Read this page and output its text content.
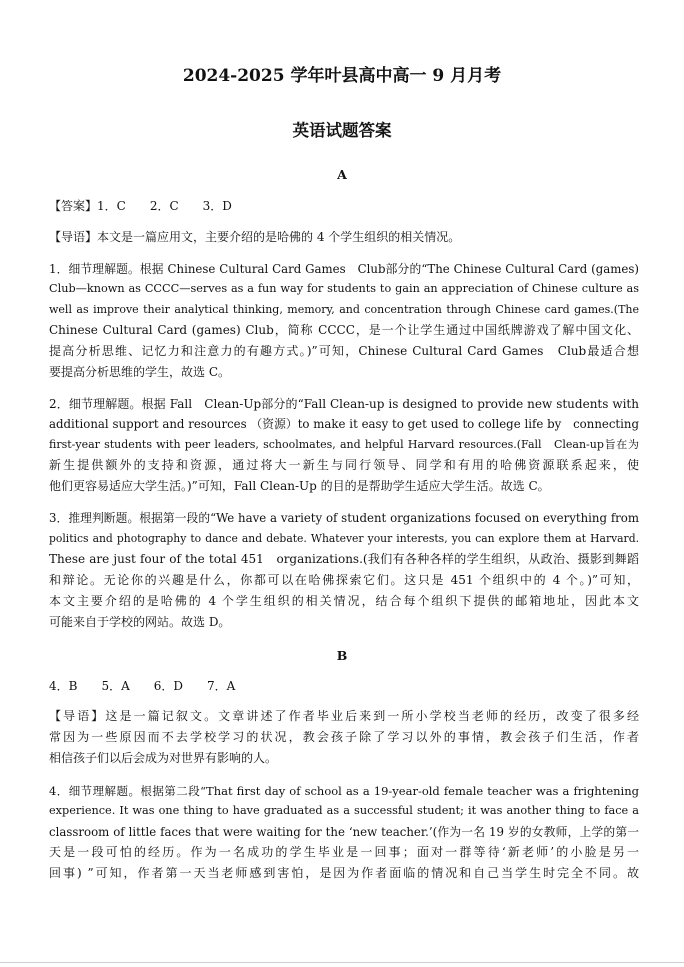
2024-2025 学年叶县高中高一 9 月月考
英语试题答案
A
【答案】1．C　　2．C　　3．D
【导语】本文是一篇应用文，主要介绍的是哈佛的 4 个学生组织的相关情况。
1．细节理解题。根据 Chinese Cultural Card Games　Club部分的“The Chinese Cultural Card (games)
Club—known as CCCC—serves as a fun way for students to gain an appreciation of Chinese culture as
well as improve their analytical thinking, memory, and concentration through Chinese card games.(The
Chinese Cultural Card (games) Club，简称 CCCC，是一个让学生通过中国纸牌游戏了解中国文化、
提高分析思维、记忆力和注意力的有趣方式。)”可知，Chinese Cultural Card Games　Club最适合想
要提高分析思维的学生，故选 C。
2．细节理解题。根据 Fall　Clean-Up部分的“Fall Clean-up is designed to provide new students with
additional support and resources （资源）to make it easy to get used to college life by　connecting
first-year students with peer leaders, schoolmates, and helpful Harvard resources.(Fall　Clean-up旨在为
新生提供额外的支持和资源，通过将大一新生与同行领导、同学和有用的哈佛资源联系起来，使
他们更容易适应大学生活。)”可知，Fall Clean-Up 的目的是帮助学生适应大学生活。故选 C。
3．推理判断题。根据第一段的“We have a variety of student organizations focused on everything from
politics and photography to dance and debate. Whatever your interests, you can explore them at Harvard.
These are just four of the total 451　organizations.(我们有各种各样的学生组织，从政治、摄影到舞蹈
和辩论。无论你的兴趣是什么，你都可以在哈佛探索它们。这只是 451 个组织中的 4 个。)”可知，
本文主要介绍的是哈佛的 4 个学生组织的相关情况，结合每个组织下提供的邮箱地址，因此本文
可能来自于学校的网站。故选 D。
B
4．B　　5．A　　6．D　　7．A
【导语】这是一篇记叙文。文章讲述了作者毕业后来到一所小学校当老师的经历，改变了很多经
常因为一些原因而不去学校学习的状况，教会孩子除了学习以外的事情，教会孩子们生活，作者
相信孩子们以后会成为对世界有影响的人。
4．细节理解题。根据第二段“That first day of school as a 19-year-old female teacher was a frightening
experience. It was one thing to have graduated as a successful student; it was another thing to face a
classroom of little faces that were waiting for the ‘new teacher.’(作为一名 19 岁的女教师，上学的第一
天是一段可怕的经历。作为一名成功的学生毕业是一回事；面对一群等待‘新老师’的小脸是另一
回事) ”可知，作者第一天当老师感到害怕，是因为作者面临的情况和自己当学生时完全不同。故
